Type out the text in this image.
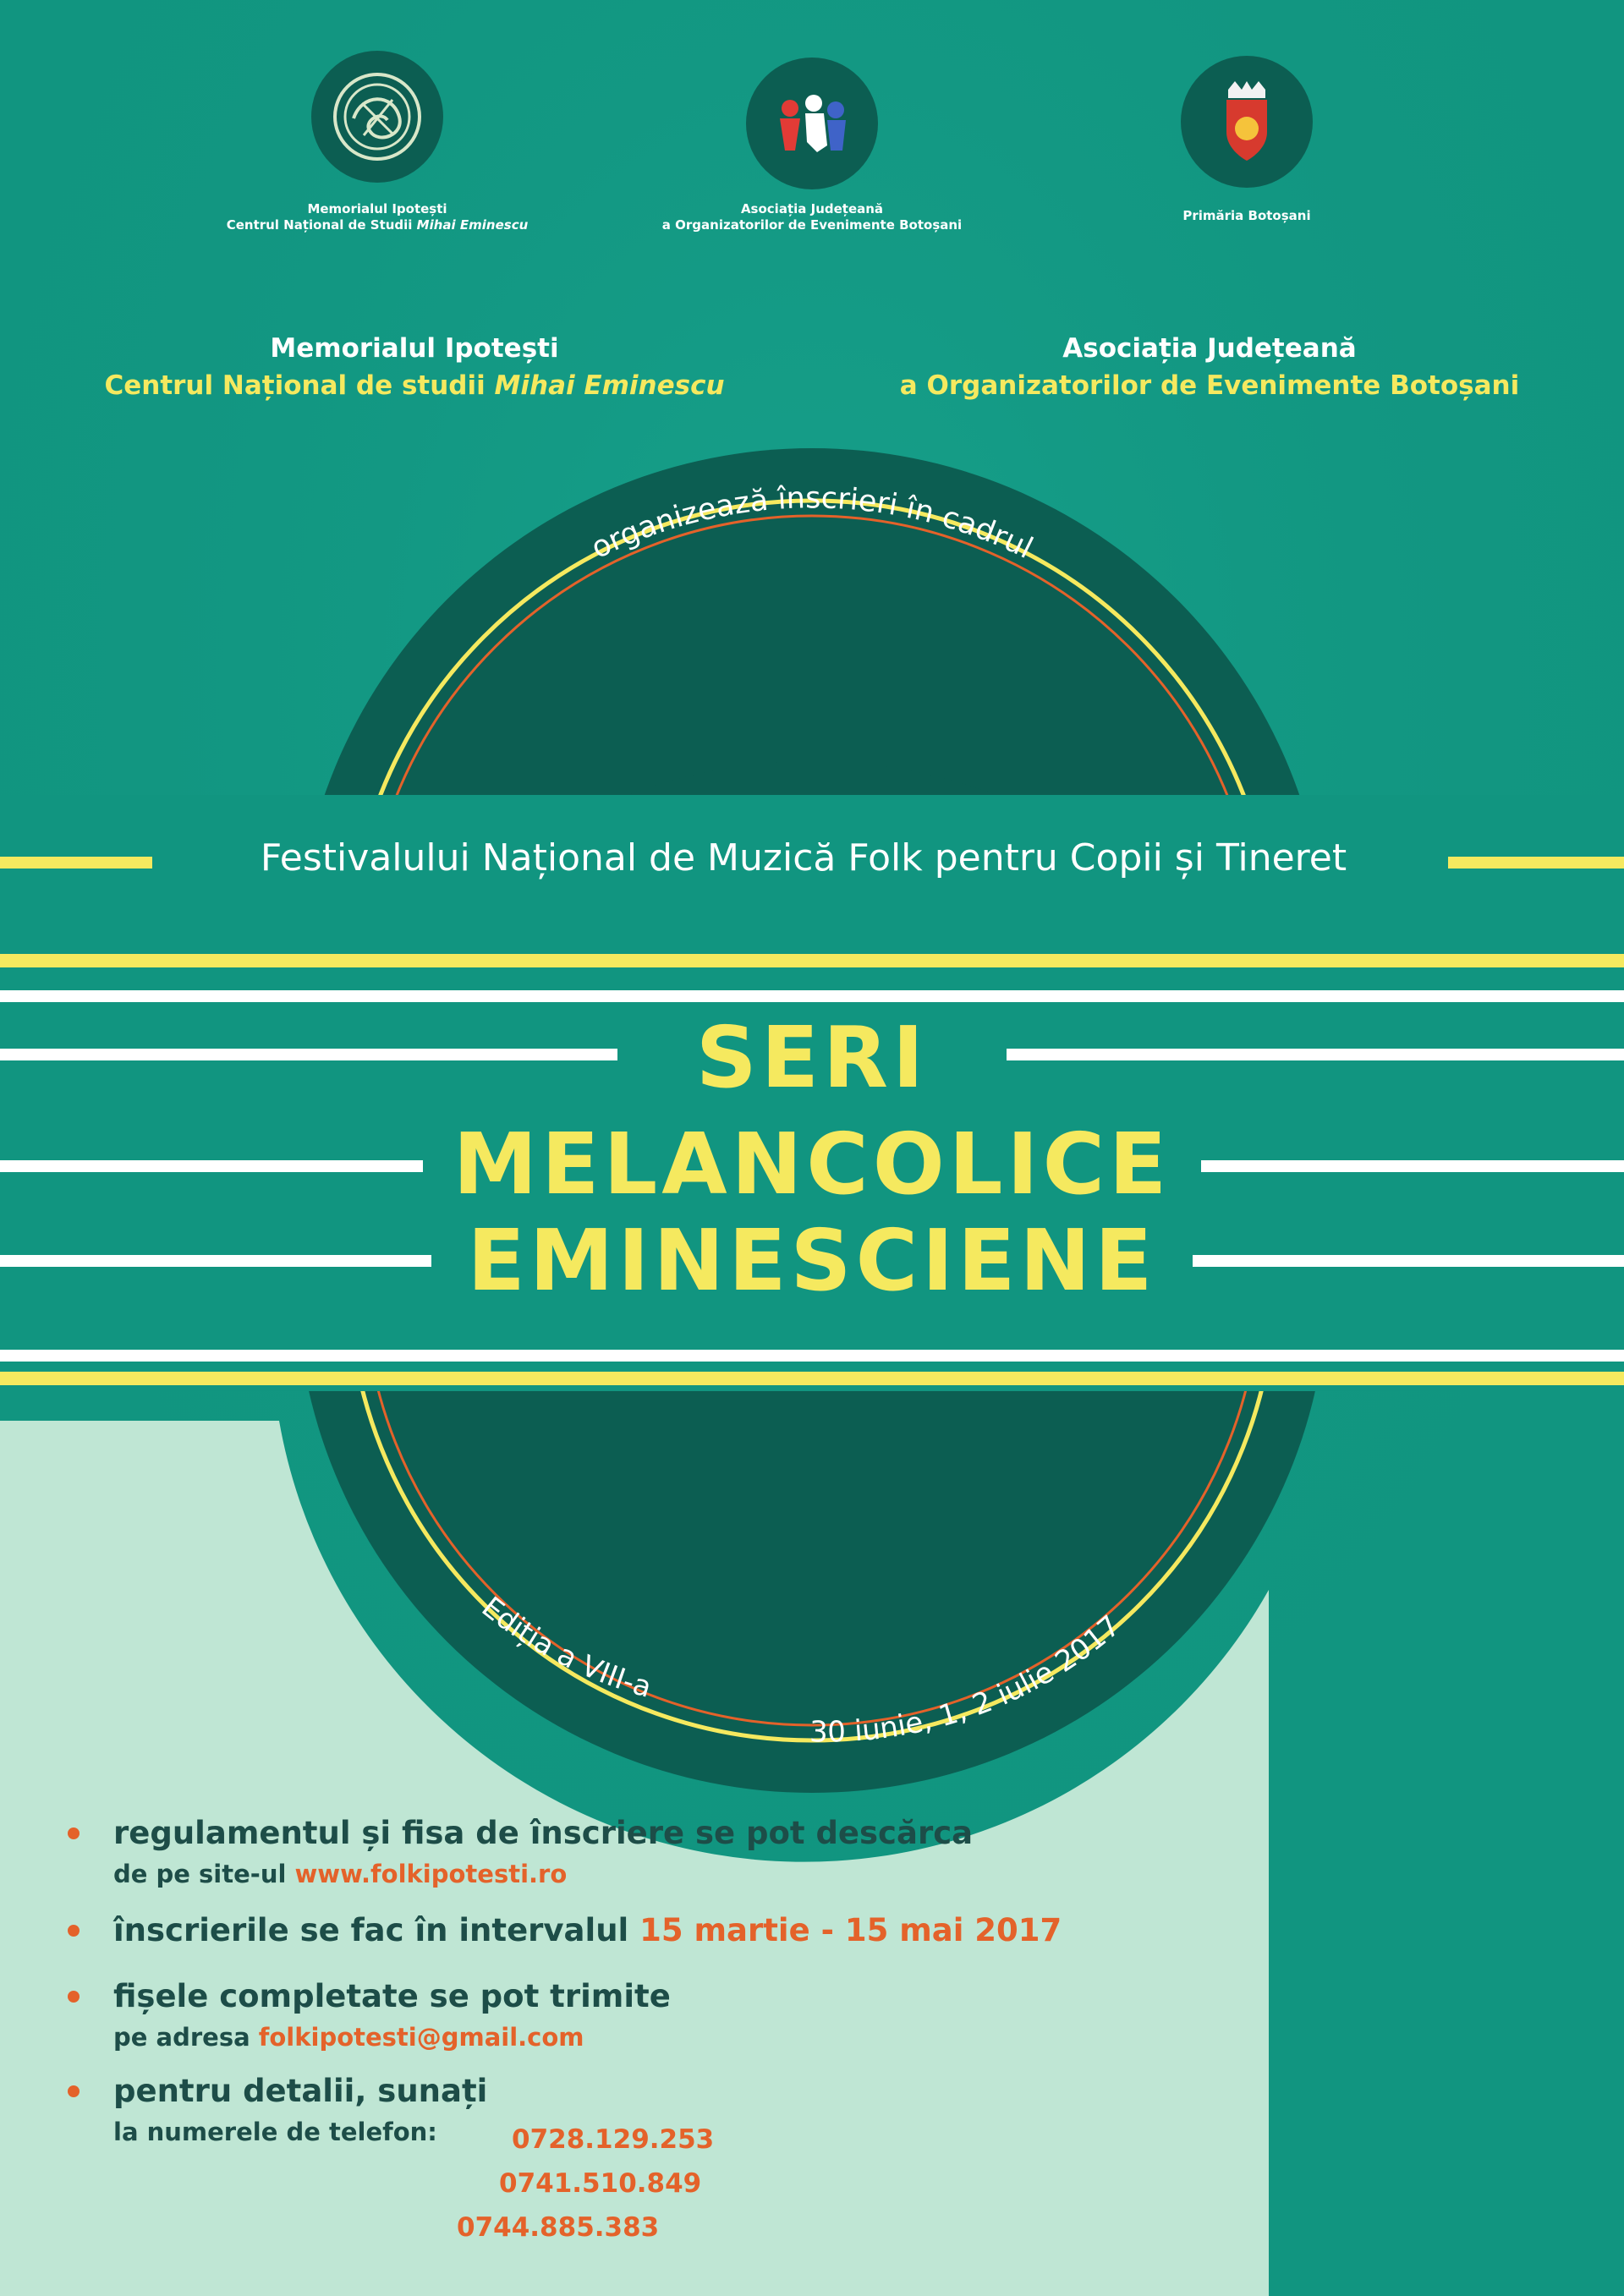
Memorialul Ipotești
Centrul Național de Studii Mihai Eminescu
Asociația Județeană
a Organizatorilor de Evenimente Botoșani
Primăria Botoșani
Memorialul Ipotești
Centrul Național de studii Mihai Eminescu
Asociația Județeană
a Organizatorilor de Evenimente Botoșani
organizează înscrieri în cadrul
Ediția a VIII-a
30 iunie, 1, 2 iulie 2017
Festivalului Național de Muzică Folk pentru Copii și Tineret
SERI
MELANCOLICE
EMINESCIENE
regulamentul și fisa de înscriere se pot descărca
de pe site-ul www.folkipotesti.ro
înscrierile se fac în intervalul 15 martie - 15 mai 2017
fișele completate se pot trimite
pe adresa folkipotesti@gmail.com
pentru detalii, sunați
la numerele de telefon:	0728.129.253
0741.510.849
0744.885.383
